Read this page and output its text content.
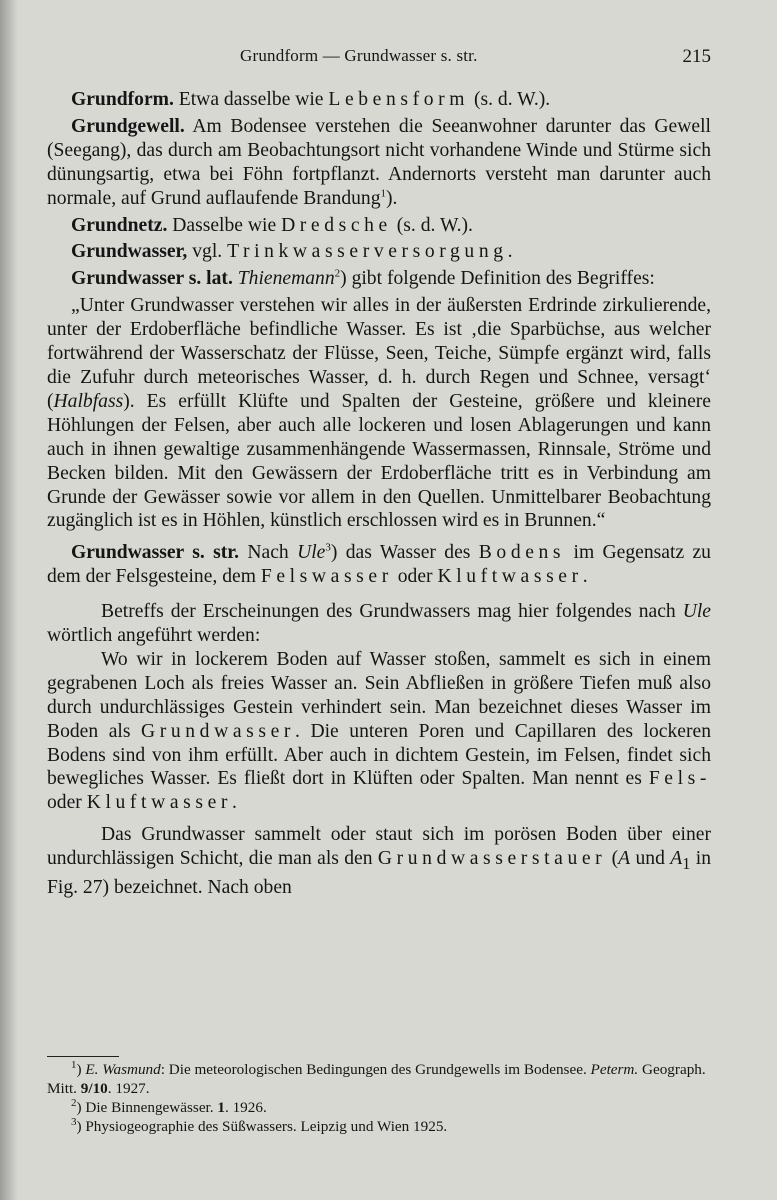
Grundform — Grundwasser s. str.	215

Grundform. Etwa dasselbe wie Lebensform (s. d. W.).

Grundgewell. Am Bodensee verstehen die Seeanwohner darunter das Gewell (Seegang), das durch am Beobachtungsort nicht vorhandene Winde und Stürme sich dünungsartig, etwa bei Föhn fortpflanzt. Andernorts versteht man darunter auch normale, auf Grund auflaufende Brandung$^1$).

Grundnetz. Dasselbe wie Dredsche (s. d. W.).

Grundwasser, vgl. Trinkwasserversorgung.

Grundwasser s. lat. Thienemann$^2$) gibt folgende Definition des Begriffes:

„Unter Grundwasser verstehen wir alles in der äußersten Erdrinde zirkulierende, unter der Erdoberfläche befindliche Wasser. Es ist ‚die Sparbüchse, aus welcher fortwährend der Wasserschatz der Flüsse, Seen, Teiche, Sümpfe ergänzt wird, falls die Zufuhr durch meteorisches Wasser, d. h. durch Regen und Schnee, versagt‘ (Halbfass). Es erfüllt Klüfte und Spalten der Gesteine, größere und kleinere Höhlungen der Felsen, aber auch alle lockeren und losen Ablagerungen und kann auch in ihnen gewaltige zusammenhängende Wassermassen, Rinnsale, Ströme und Becken bilden. Mit den Gewässern der Erdoberfläche tritt es in Verbindung am Grunde der Gewässer sowie vor allem in den Quellen. Unmittelbarer Beobachtung zugänglich ist es in Höhlen, künstlich erschlossen wird es in Brunnen.“

Grundwasser s. str. Nach Ule$^3$) das Wasser des Bodens im Gegensatz zu dem der Felsgesteine, dem Felswasser oder Kluftwasser.

Betreffs der Erscheinungen des Grundwassers mag hier folgendes nach Ule wörtlich angeführt werden:

Wo wir in lockerem Boden auf Wasser stoßen, sammelt es sich in einem gegrabenen Loch als freies Wasser an. Sein Abfließen in größere Tiefen muß also durch undurchlässiges Gestein verhindert sein. Man bezeichnet dieses Wasser im Boden als Grundwasser. Die unteren Poren und Capillaren des lockeren Bodens sind von ihm erfüllt. Aber auch in dichtem Gestein, im Felsen, findet sich bewegliches Wasser. Es fließt dort in Klüften oder Spalten. Man nennt es Fels- oder Kluftwasser.

Das Grundwasser sammelt oder staut sich im porösen Boden über einer undurchlässigen Schicht, die man als den Grundwasserstauer (A und $A_1$ in Fig. 27) bezeichnet. Nach oben

$^1$) E. Wasmund: Die meteorologischen Bedingungen des Grundgewells im Bodensee. Peterm. Geograph. Mitt. 9/10. 1927.

$^2$) Die Binnengewässer. 1. 1926.

$^3$) Physiogeographie des Süßwassers. Leipzig und Wien 1925.
